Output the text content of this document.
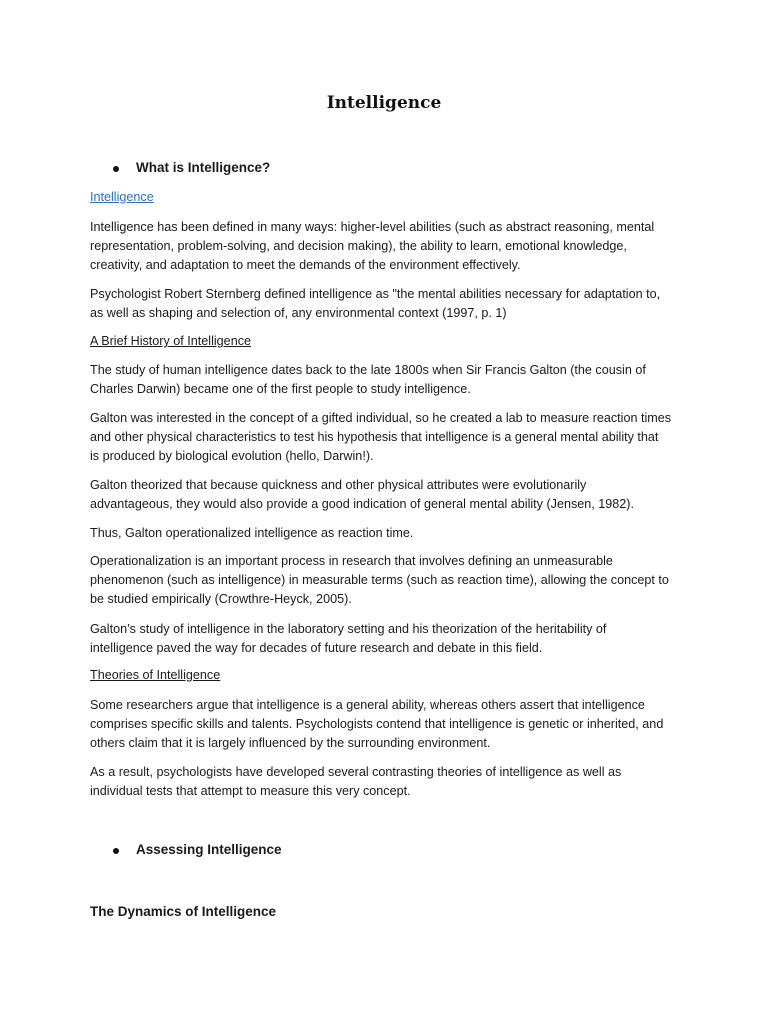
Intelligence
What is Intelligence?
Intelligence

Intelligence has been defined in many ways: higher-level abilities (such as abstract reasoning, mental

representation, problem-solving, and decision making), the ability to learn, emotional knowledge,

creativity, and adaptation to meet the demands of the environment effectively.

Psychologist Robert Sternberg defined intelligence as "the mental abilities necessary for adaptation to,

as well as shaping and selection of, any environmental context (1997, p. 1)

A Brief History of Intelligence

The study of human intelligence dates back to the late 1800s when Sir Francis Galton (the cousin of

Charles Darwin) became one of the first people to study intelligence.

Galton was interested in the concept of a gifted individual, so he created a lab to measure reaction times

and other physical characteristics to test his hypothesis that intelligence is a general mental ability that

is produced by biological evolution (hello, Darwin!).

Galton theorized that because quickness and other physical attributes were evolutionarily

advantageous, they would also provide a good indication of general mental ability (Jensen, 1982).

Thus, Galton operationalized intelligence as reaction time.

Operationalization is an important process in research that involves defining an unmeasurable

phenomenon (such as intelligence) in measurable terms (such as reaction time), allowing the concept to

be studied empirically (Crowthre-Heyck, 2005).

Galton’s study of intelligence in the laboratory setting and his theorization of the heritability of

intelligence paved the way for decades of future research and debate in this field.

Theories of Intelligence

Some researchers argue that intelligence is a general ability, whereas others assert that intelligence

comprises specific skills and talents. Psychologists contend that intelligence is genetic or inherited, and

others claim that it is largely influenced by the surrounding environment.

As a result, psychologists have developed several contrasting theories of intelligence as well as

individual tests that attempt to measure this very concept.

Assessing Intelligence
The Dynamics of Intelligence
